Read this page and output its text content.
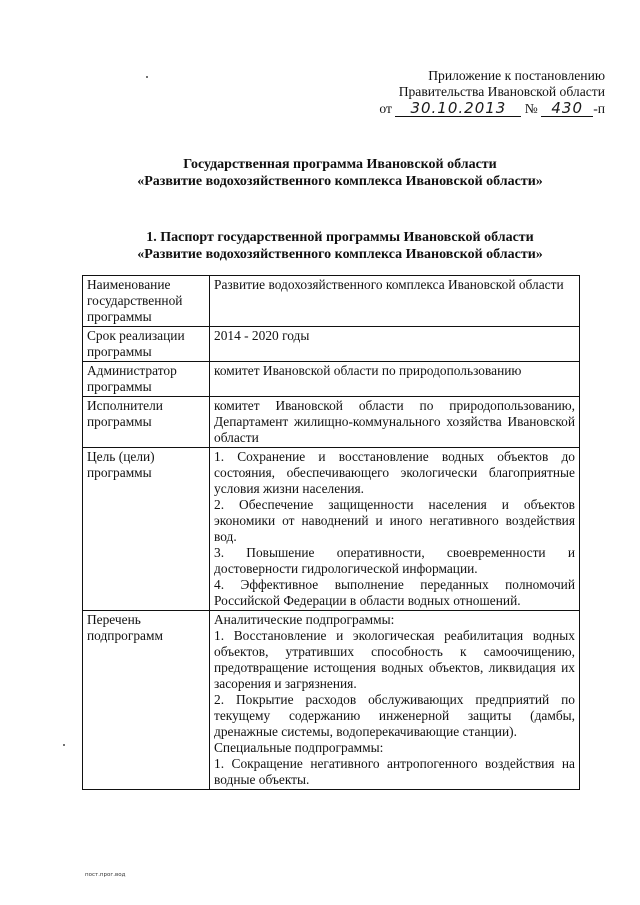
Приложение к постановлению
Правительства Ивановской области
от 30.10.2013 № 430 -п
Государственная программа Ивановской области
«Развитие водохозяйственного комплекса Ивановской области»
1. Паспорт государственной программы Ивановской области
«Развитие водохозяйственного комплекса Ивановской области»
Наименование государственной программы	Развитие водохозяйственного комплекса Ивановской области

Срок реализации программы	2014 - 2020 годы

Администратор программы	комитет Ивановской области по природопользованию

Исполнители программы	комитет Ивановской области по природопользованию, Департамент жилищно-коммунального хозяйства Ивановской области

Цель (цели) программы	1. Сохранение и восстановление водных объектов до состояния, обеспечивающего экологически благоприятные условия жизни населения.
2. Обеспечение защищенности населения и объектов экономики от наводнений и иного негативного воздействия вод.
3. Повышение оперативности, своевременности и достоверности гидрологической информации.
4. Эффективное выполнение переданных полномочий Российской Федерации в области водных отношений.

Перечень подпрограмм	Аналитические подпрограммы:
1. Восстановление и экологическая реабилитация водных объектов, утративших способность к самоочищению, предотвращение истощения водных объектов, ликвидация их засорения и загрязнения.
2. Покрытие расходов обслуживающих предприятий по текущему содержанию инженерной защиты (дамбы, дренажные системы, водоперекачивающие станции).
Специальные подпрограммы:
1. Сокращение негативного антропогенного воздействия на водные объекты.
пост.прог.вод
